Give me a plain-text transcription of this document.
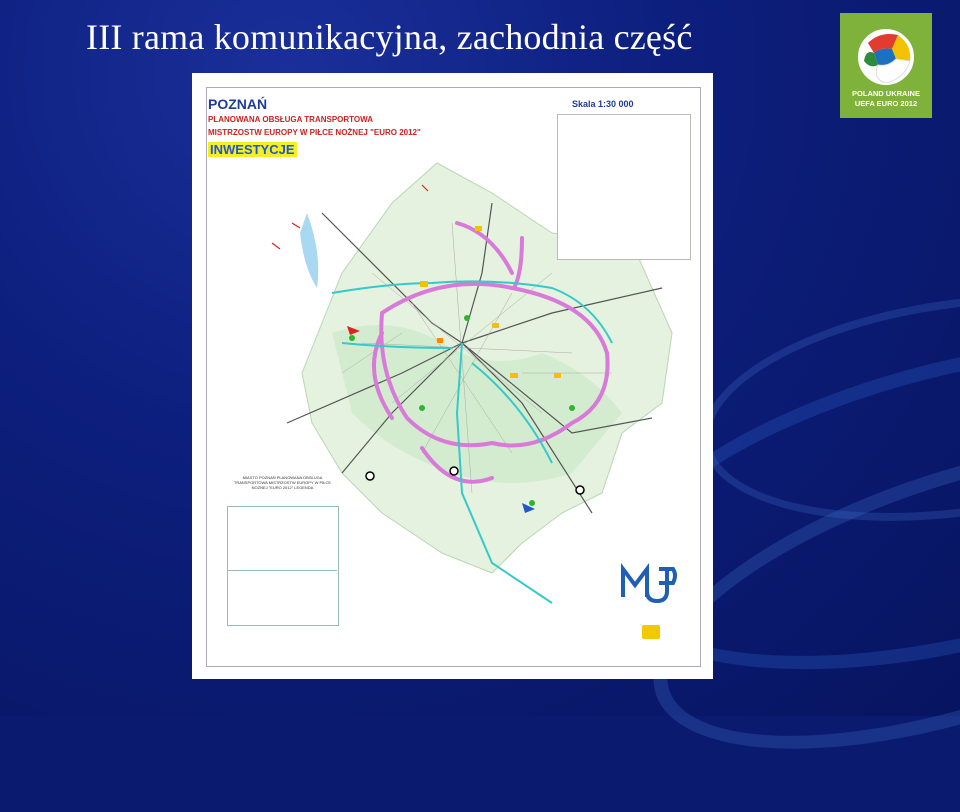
III rama komunikacyjna, zachodnia część
POLAND UKRAINE
UEFA EURO 2012
POZNAŃ
PLANOWANA OBSŁUGA TRANSPORTOWA
MISTRZOSTW EUROPY W PIŁCE NOŻNEJ "EURO 2012"
INWESTYCJE
Skala 1:30 000
MIASTO POZNAŃ PLANOWANA OBSŁUGA TRANSPORTOWA MISTRZOSTW EUROPY W PIŁCE NOŻNEJ "EURO 2012" LEGENDA
